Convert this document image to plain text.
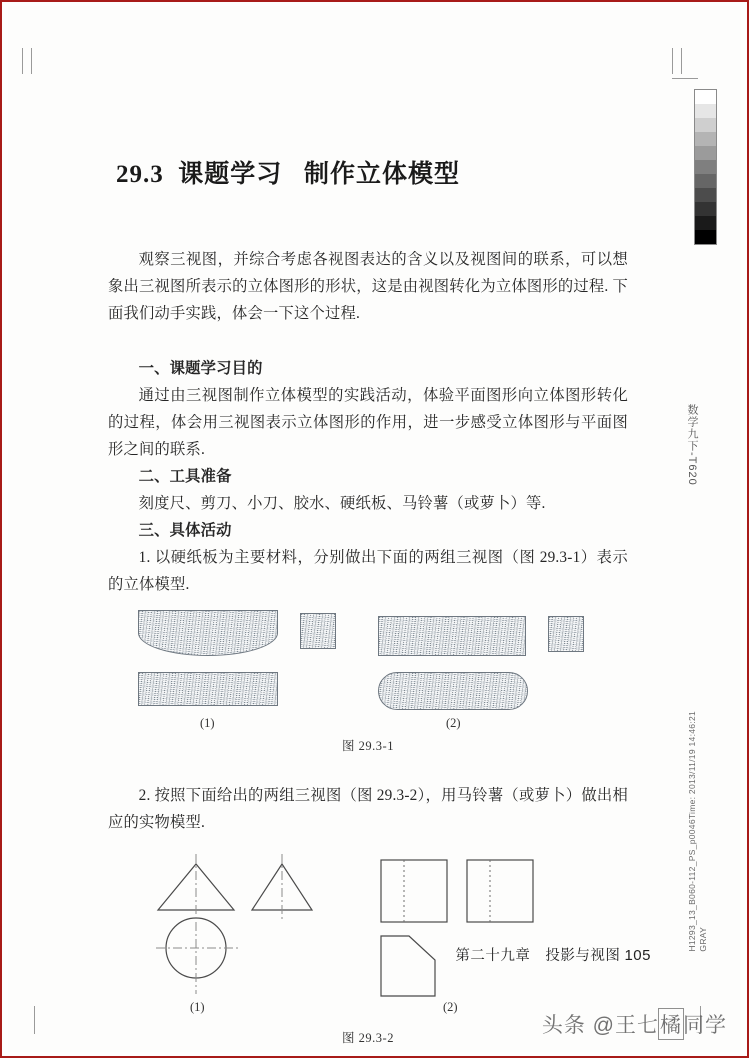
29.3  课题学习   制作立体模型

观察三视图，并综合考虑各视图表达的含义以及视图间的联系，可以想象出三视图所表示的立体图形的形状，这是由视图转化为立体图形的过程. 下面我们动手实践，体会一下这个过程.

一、课题学习目的

通过由三视图制作立体模型的实践活动，体验平面图形向立体图形转化的过程，体会用三视图表示立体图形的作用，进一步感受立体图形与平面图形之间的联系.

二、工具准备

刻度尺、剪刀、小刀、胶水、硬纸板、马铃薯（或萝卜）等.

三、具体活动

1. 以硬纸板为主要材料，分别做出下面的两组三视图（图 29.3-1）表示的立体模型.

(1)	(2)
图 29.3-1

2. 按照下面给出的两组三视图（图 29.3-2），用马铃薯（或萝卜）做出相应的实物模型.

(1)	(2)
图 29.3-2
第二十九章　投影与视图 105
数学九下-T620
H1293_13_B060-112_PS_p0046Time: 2013/11/19 14:46:21
GRAY
头条 @王七橘同学
